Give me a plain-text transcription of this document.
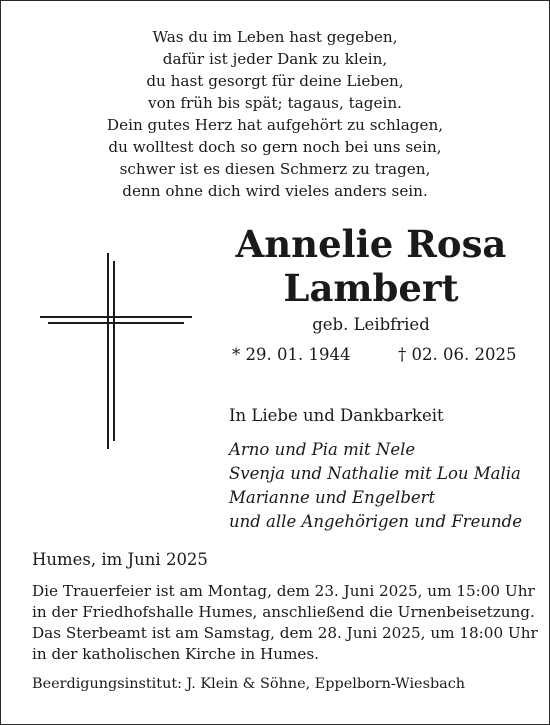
Was du im Leben hast gegeben,
dafür ist jeder Dank zu klein,
du hast gesorgt für deine Lieben,
von früh bis spät; tagaus, tagein.
Dein gutes Herz hat aufgehört zu schlagen,
du wolltest doch so gern noch bei uns sein,
schwer ist es diesen Schmerz zu tragen,
denn ohne dich wird vieles anders sein.
Annelie Rosa
Lambert
geb. Leibfried
* 29. 01. 1944	† 02. 06. 2025
In Liebe und Dankbarkeit
Arno und Pia mit Nele
Svenja und Nathalie mit Lou Malia
Marianne und Engelbert
und alle Angehörigen und Freunde
Humes, im Juni 2025
Die Trauerfeier ist am Montag, dem 23. Juni 2025, um 15:00 Uhr
in der Friedhofshalle Humes, anschließend die Urnenbeisetzung.
Das Sterbeamt ist am Samstag, dem 28. Juni 2025, um 18:00 Uhr
in der katholischen Kirche in Humes.
Beerdigungsinstitut: J. Klein & Söhne, Eppelborn-Wiesbach
